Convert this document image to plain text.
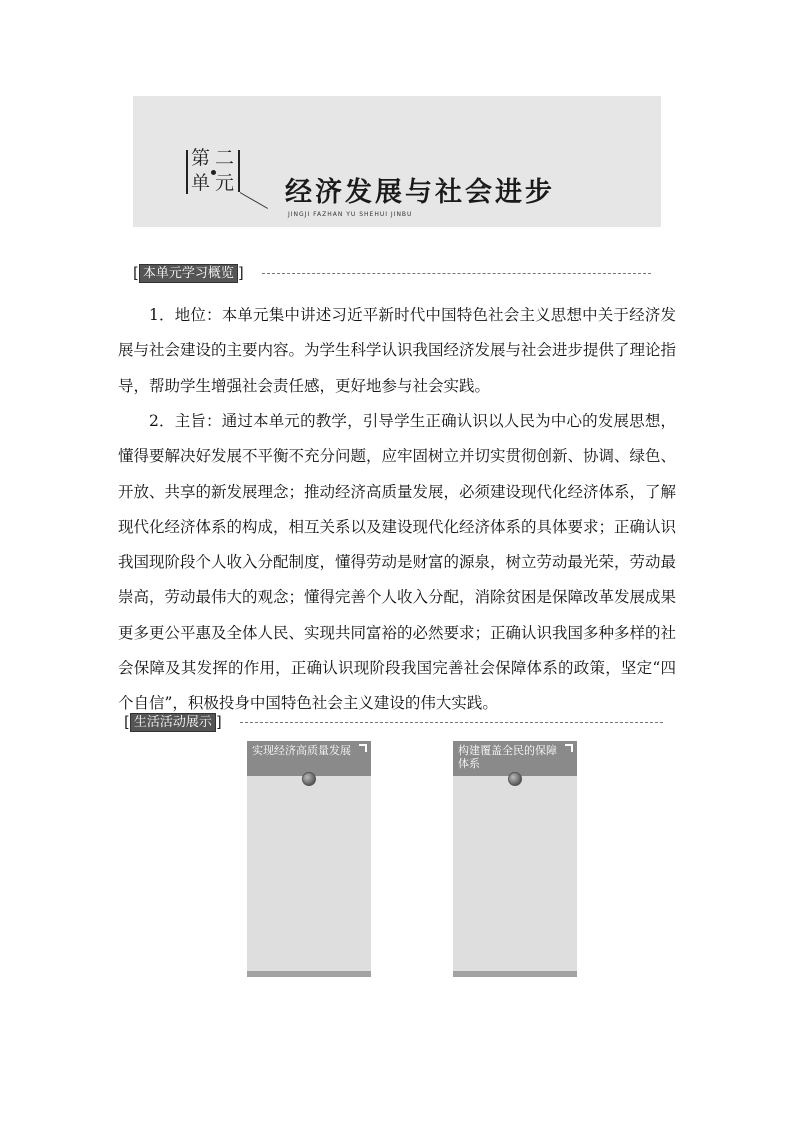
第 二
单 元 经济发展与社会进步
JINGJI FAZHAN YU SHEHUI JINBU
[ 本单元学习概览 ]

1．地位：本单元集中讲述习近平新时代中国特色社会主义思想中关于经济发展与社会建设的主要内容。为学生科学认识我国经济发展与社会进步提供了理论指导，帮助学生增强社会责任感，更好地参与社会实践。

2．主旨：通过本单元的教学，引导学生正确认识以人民为中心的发展思想，懂得要解决好发展不平衡不充分问题，应牢固树立并切实贯彻创新、协调、绿色、开放、共享的新发展理念；推动经济高质量发展，必须建设现代化经济体系，了解现代化经济体系的构成，相互关系以及建设现代化经济体系的具体要求；正确认识我国现阶段个人收入分配制度，懂得劳动是财富的源泉，树立劳动最光荣，劳动最崇高，劳动最伟大的观念；懂得完善个人收入分配，消除贫困是保障改革发展成果更多更公平惠及全体人民、实现共同富裕的必然要求；正确认识我国多种多样的社会保障及其发挥的作用，正确认识现阶段我国完善社会保障体系的政策，坚定“四个自信”，积极投身中国特色社会主义建设的伟大实践。

[ 生活活动展示 ]
实现经济高质量发展	构建覆盖全民的保障体系
